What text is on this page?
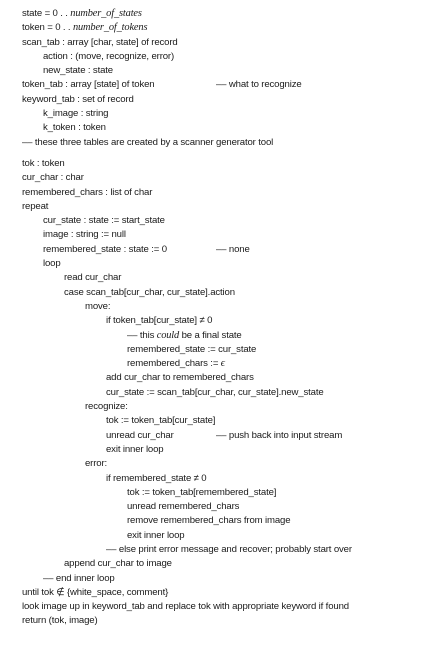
state = 0 . . number_of_states
token = 0 . . number_of_tokens
scan_tab : array [char, state] of record
action : (move, recognize, error)
new_state : state
token_tab : array [state] of token	–– what to recognize
keyword_tab : set of record
k_image : string
k_token : token
–– these three tables are created by a scanner generator tool
tok : token
cur_char : char
remembered_chars : list of char
repeat
cur_state : state := start_state
image : string := null
remembered_state : state := 0	–– none
loop
read cur_char
case scan_tab[cur_char, cur_state].action
move:
if token_tab[cur_state] ≠ 0
–– this could be a final state
remembered_state := cur_state
remembered_chars := ϵ
add cur_char to remembered_chars
cur_state := scan_tab[cur_char, cur_state].new_state
recognize:
tok := token_tab[cur_state]
unread cur_char	–– push back into input stream
exit inner loop
error:
if remembered_state ≠ 0
tok := token_tab[remembered_state]
unread remembered_chars
remove remembered_chars from image
exit inner loop
–– else print error message and recover; probably start over
append cur_char to image
–– end inner loop
until tok ∉ {white_space, comment}
look image up in keyword_tab and replace tok with appropriate keyword if found
return (tok, image)
